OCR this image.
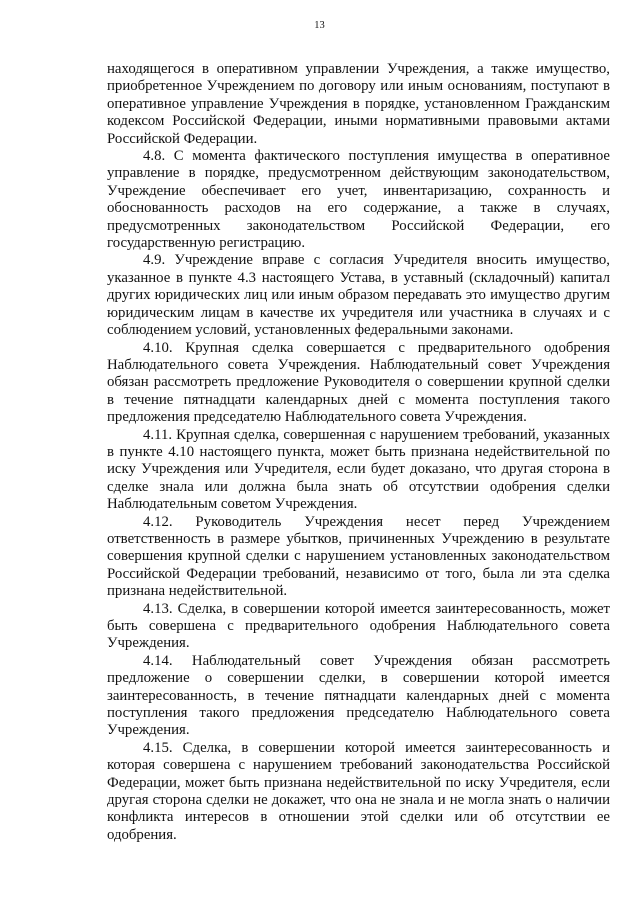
13

находящегося в оперативном управлении Учреждения, а также имущество, приобретенное Учреждением по договору или иным основаниям, поступают в оперативное управление Учреждения в порядке, установленном Гражданским кодексом Российской Федерации, иными нормативными правовыми актами Российской Федерации.

4.8. С момента фактического поступления имущества в оперативное управление в порядке, предусмотренном действующим законодательством, Учреждение обеспечивает его учет, инвентаризацию, сохранность и обоснованность расходов на его содержание, а также в случаях, предусмотренных законодательством Российской Федерации, его государственную регистрацию.

4.9. Учреждение вправе с согласия Учредителя вносить имущество, указанное в пункте 4.3 настоящего Устава, в уставный (складочный) капитал других юридических лиц или иным образом передавать это имущество другим юридическим лицам в качестве их учредителя или участника в случаях и с соблюдением условий, установленных федеральными законами.

4.10. Крупная сделка совершается с предварительного одобрения Наблюдательного совета Учреждения. Наблюдательный совет Учреждения обязан рассмотреть предложение Руководителя о совершении крупной сделки в течение пятнадцати календарных дней с момента поступления такого предложения председателю Наблюдательного совета Учреждения.

4.11. Крупная сделка, совершенная с нарушением требований, указанных в пункте 4.10 настоящего пункта, может быть признана недействительной по иску Учреждения или Учредителя, если будет доказано, что другая сторона в сделке знала или должна была знать об отсутствии одобрения сделки Наблюдательным советом Учреждения.

4.12. Руководитель Учреждения несет перед Учреждением ответственность в размере убытков, причиненных Учреждению в результате совершения крупной сделки с нарушением установленных законодательством Российской Федерации требований, независимо от того, была ли эта сделка признана недействительной.

4.13. Сделка, в совершении которой имеется заинтересованность, может быть совершена с предварительного одобрения Наблюдательного совета Учреждения.

4.14. Наблюдательный совет Учреждения обязан рассмотреть предложение о совершении сделки, в совершении которой имеется заинтересованность, в течение пятнадцати календарных дней с момента поступления такого предложения председателю Наблюдательного совета Учреждения.

4.15. Сделка, в совершении которой имеется заинтересованность и которая совершена с нарушением требований законодательства Российской Федерации, может быть признана недействительной по иску Учредителя, если другая сторона сделки не докажет, что она не знала и не могла знать о наличии конфликта интересов в отношении этой сделки или об отсутствии ее одобрения.
